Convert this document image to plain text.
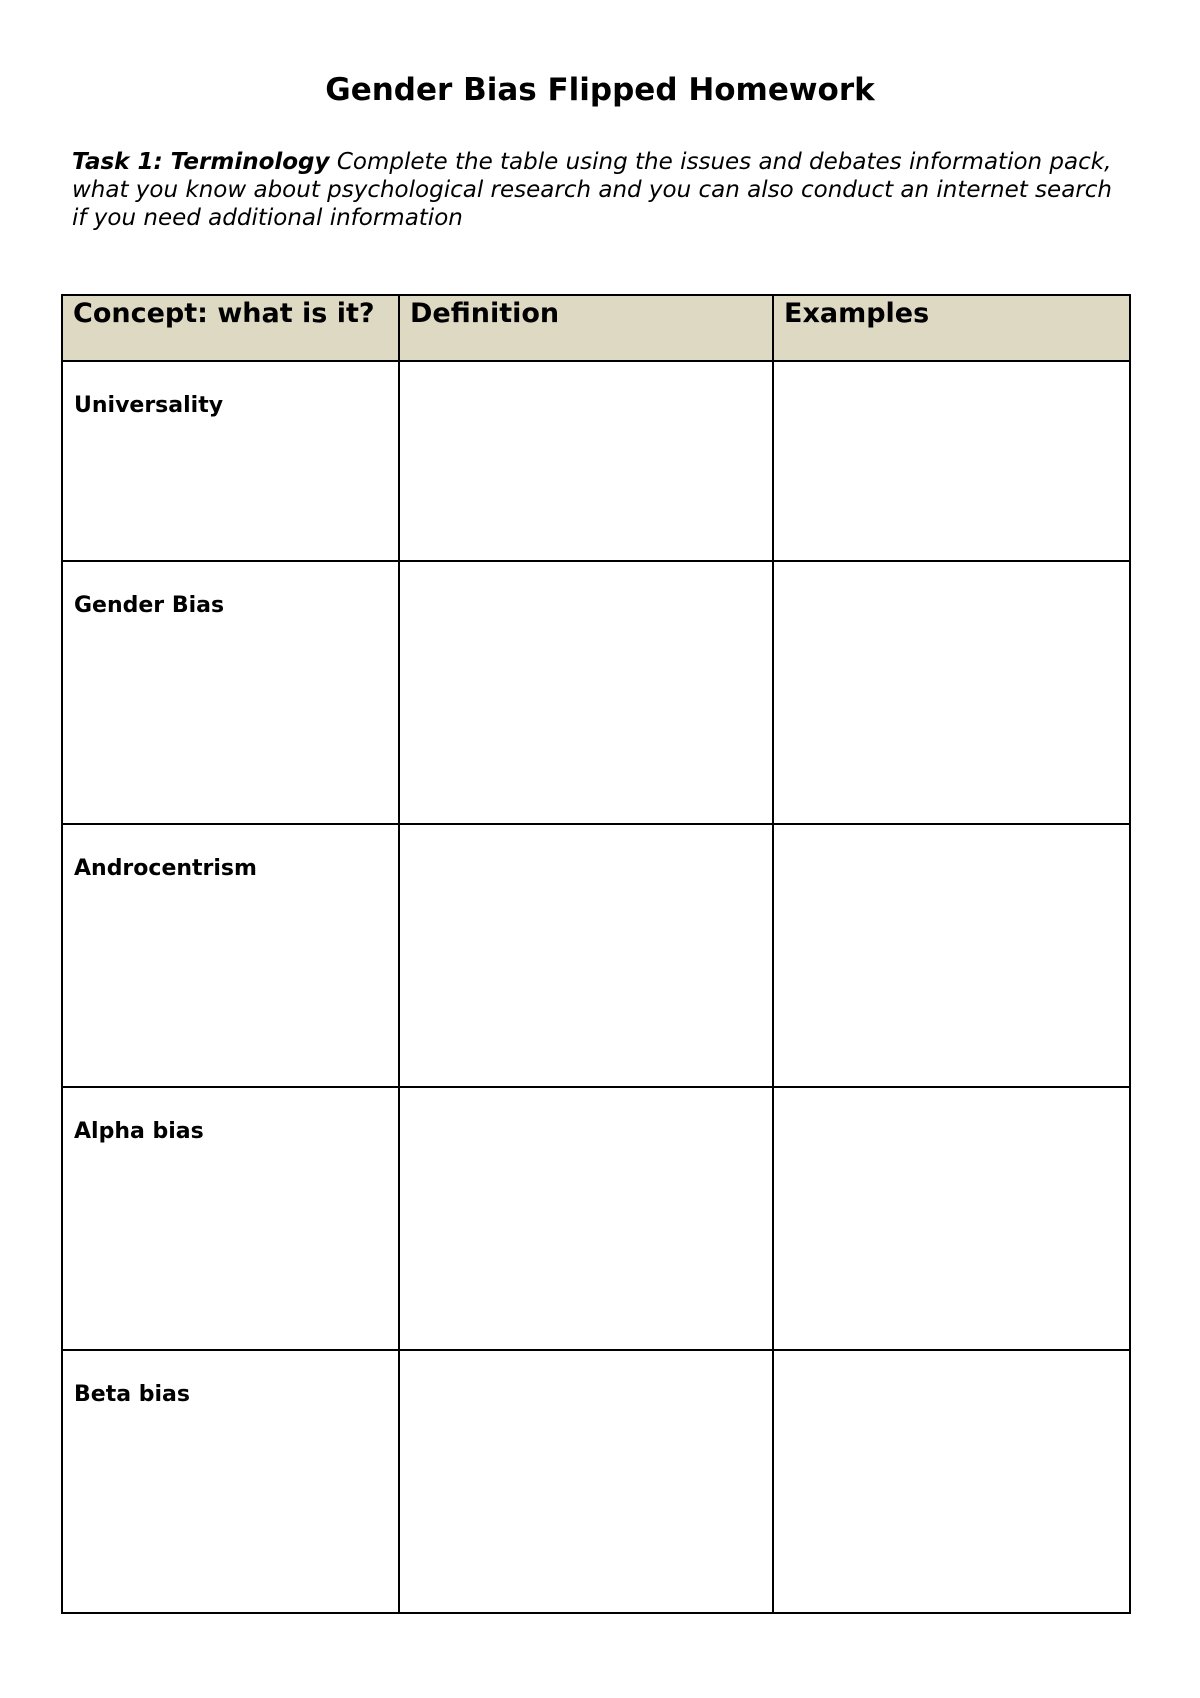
Gender Bias Flipped Homework

Task 1: Terminology Complete the table using the issues and debates information pack, what you know about psychological research and you can also conduct an internet search if you need additional information

Concept: what is it?	Definition	Examples
Universality		
Gender Bias		
Androcentrism		
Alpha bias		
Beta bias		
